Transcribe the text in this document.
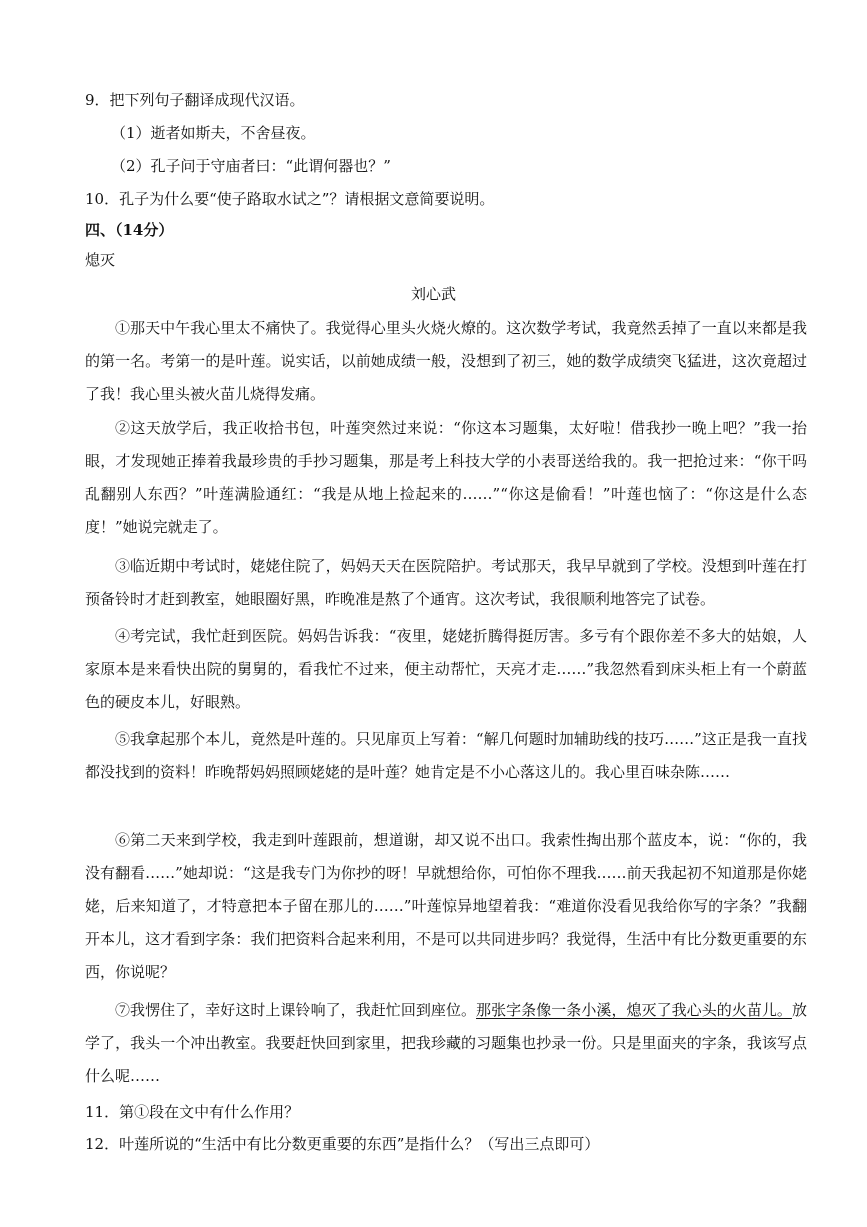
9．把下列句子翻译成现代汉语。
（1）逝者如斯夫，不舍昼夜。
（2）孔子问于守庙者曰：“此谓何器也？”
10．孔子为什么要“使子路取水试之”？请根据文意简要说明。
四、（14分）
熄灭
刘心武
①那天中午我心里太不痛快了。我觉得心里头火烧火燎的。这次数学考试，我竟然丢掉了一直以来都是我的第一名。考第一的是叶莲。说实话，以前她成绩一般，没想到了初三，她的数学成绩突飞猛进，这次竟超过了我！我心里头被火苗儿烧得发痛。
②这天放学后，我正收拾书包，叶莲突然过来说：“你这本习题集，太好啦！借我抄一晚上吧？”我一抬眼，才发现她正捧着我最珍贵的手抄习题集，那是考上科技大学的小表哥送给我的。我一把抢过来：“你干吗乱翻别人东西？”叶莲满脸通红：“我是从地上捡起来的……”“你这是偷看！”叶莲也恼了：“你这是什么态度！”她说完就走了。
③临近期中考试时，姥姥住院了，妈妈天天在医院陪护。考试那天，我早早就到了学校。没想到叶莲在打预备铃时才赶到教室，她眼圈好黑，昨晚准是熬了个通宵。这次考试，我很顺利地答完了试卷。
④考完试，我忙赶到医院。妈妈告诉我：“夜里，姥姥折腾得挺厉害。多亏有个跟你差不多大的姑娘，人家原本是来看快出院的舅舅的，看我忙不过来，便主动帮忙，天亮才走……”我忽然看到床头柜上有一个蔚蓝色的硬皮本儿，好眼熟。
⑤我拿起那个本儿，竟然是叶莲的。只见扉页上写着：“解几何题时加辅助线的技巧……”这正是我一直找都没找到的资料！昨晚帮妈妈照顾姥姥的是叶莲？她肯定是不小心落这儿的。我心里百味杂陈……
⑥第二天来到学校，我走到叶莲跟前，想道谢，却又说不出口。我索性掏出那个蓝皮本，说：“你的，我没有翻看……”她却说：“这是我专门为你抄的呀！早就想给你，可怕你不理我……前天我起初不知道那是你姥姥，后来知道了，才特意把本子留在那儿的……”叶莲惊异地望着我：“难道你没看见我给你写的字条？”我翻开本儿，这才看到字条：我们把资料合起来利用，不是可以共同进步吗？我觉得，生活中有比分数更重要的东西，你说呢？
⑦我愣住了，幸好这时上课铃响了，我赶忙回到座位。那张字条像一条小溪，熄灭了我心头的火苗儿。放学了，我头一个冲出教室。我要赶快回到家里，把我珍藏的习题集也抄录一份。只是里面夹的字条，我该写点什么呢……
11．第①段在文中有什么作用？
12．叶莲所说的“生活中有比分数更重要的东西”是指什么？（写出三点即可）
